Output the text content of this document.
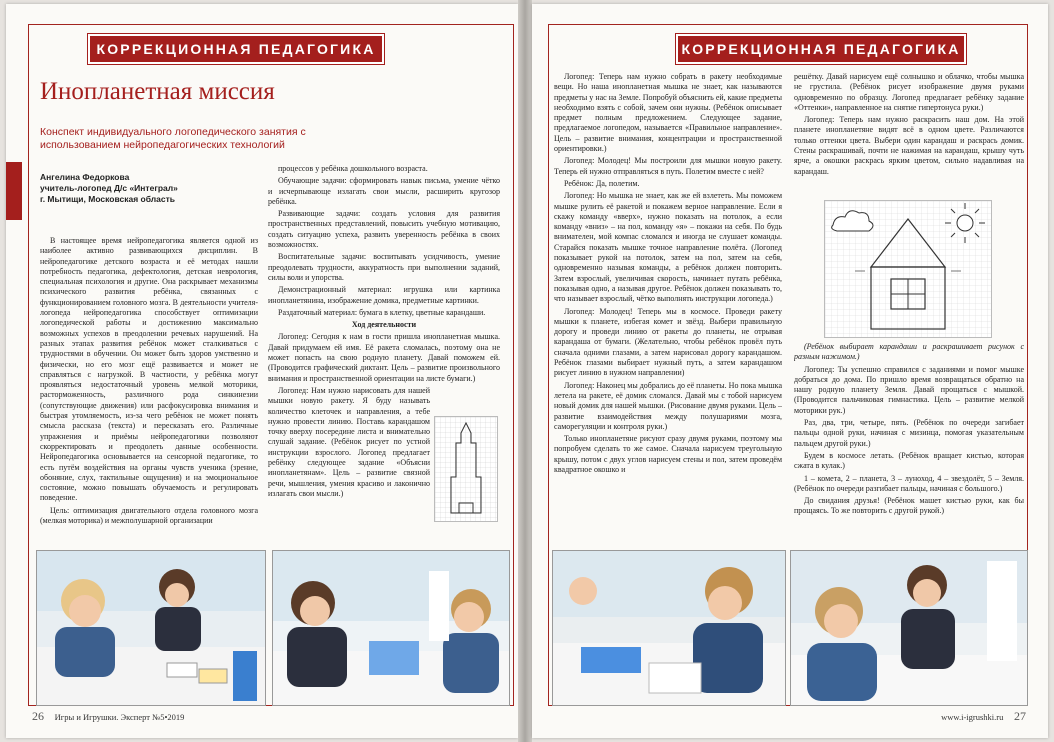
КОРРЕКЦИОННАЯ ПЕДАГОГИКА
Инопланетная миссия
Конспект индивидуального логопедического занятия с использованием нейропедагогических технологий
Ангелина Федоркова
учитель-логопед Д/с «Интеграл»
г. Мытищи, Московская область

В настоящее время нейропедагогика является одной из наиболее активно развивающихся дисциплин. В нейропедагогике детского возраста и её методах нашли потребность педагогика, дефектология, детская неврология, специальная психология и другие. Она раскрывает механизмы психического развития ребёнка, связанных с функционированием головного мозга. В деятельности учителя-логопеда нейропедагогика способствует оптимизации логопедической работы и достижению максимально возможных успехов в преодолении речевых нарушений. На разных этапах развития ребёнок может сталкиваться с трудностями в обучении. Он может быть здоров умственно и физически, но его мозг ещё развивается и может не справляться с нагрузкой. В частности, у ребёнка могут проявляться недостаточный уровень мелкой моторики, расторможенность, различного рода синкинезии (сопутствующие движения) или расфокусировка внимания и быстрая утомляемость, из-за чего ребёнок не может понять смысла рассказа (текста) и пересказать его. Различные упражнения и приёмы нейропедагогики позволяют скорректировать и преодолеть данные особенности. Нейропедагогика основывается на сенсорной педагогике, то есть путём воздействия на органы чувств ученика (зрение, обоняние, слух, тактильные ощущения) и на эмоциональное состояние, можно повышать обучаемость и регулировать поведение.

Цель: оптимизация двигательного отдела головного мозга (мелкая моторика) и межполушарной организации

процессов у ребёнка дошкольного возраста.

Обучающие задачи: сформировать навык письма, умение чётко и исчерпывающе излагать свои мысли, расширить кругозор ребёнка.

Развивающие задачи: создать условия для развития пространственных представлений, повысить учебную мотивацию, создать ситуацию успеха, развить уверенность ребёнка в своих возможностях.

Воспитательные задачи: воспитывать усидчивость, умение преодолевать трудности, аккуратность при выполнении заданий, силы воли и упорства.

Демонстрационный материал: игрушка или картинка инопланетянина, изображение домика, предметные картинки.

Раздаточный материал: бумага в клетку, цветные карандаши.

Ход деятельности

Логопед: Сегодня к нам в гости пришла инопланетная мышка. Давай придумаем ей имя. Её ракета сломалась, поэтому она не может попасть на свою родную планету. Давай поможем ей. (Проводится графический диктант. Цель – развитие произвольного внимания и пространственной ориентации на листе бумаги.)

Логопед: Нам нужно нарисовать для нашей мышки новую ракету. Я буду называть количество клеточек и направления, а тебе нужно провести линию. Поставь карандашом точку вверху посередине листа и внимательно слушай задание. (Ребёнок рисует по устной инструкции взрослого. Логопед предлагает ребёнку следующее задание «Объясни инопланетянам». Цель – развитие связной речи, мышления, умения красиво и лаконично излагать свои мысли.)

26 Игры и Игрушки. Эксперт №5•2019
КОРРЕКЦИОННАЯ ПЕДАГОГИКА

Логопед: Теперь нам нужно собрать в ракету необходимые вещи. Но наша инопланетная мышка не знает, как называются предметы у нас на Земле. Попробуй объяснить ей, какие предметы необходимо взять с собой, зачем они нужны. (Ребёнок описывает предмет полным предложением. Следующее задание, предлагаемое логопедом, называется «Правильное направление». Цель – развитие внимания, концентрации и пространственной ориентировки.)

Логопед: Молодец! Мы построили для мышки новую ракету. Теперь ей нужно отправляться в путь. Полетим вместе с ней?

Ребёнок: Да, полетим.

Логопед: Но мышка не знает, как же ей взлететь. Мы поможем мышке рулить её ракетой и покажем верное направление. Если я скажу команду «вверх», нужно показать на потолок, а если команду «вниз» – на пол, команду «я» – покажи на себя. По будь внимателен, мой компас сломался и иногда не слушает команды. Старайся показать мышке точное направление полёта. (Логопед показывает рукой на потолок, затем на пол, затем на себя, одновременно называя команды, а ребёнок должен повторить. Затем взрослый, увеличивая скорость, начинает путать ребёнка, показывая одно, а называя другое. Ребёнок должен показывать то, что называет взрослый, чётко выполнять инструкции логопеда.)

Логопед: Молодец! Теперь мы в космосе. Проведи ракету мышки к планете, избегая комет и звёзд. Выбери правильную дорогу и проведи линию от ракеты до планеты, не отрывая карандаша от бумаги. (Желательно, чтобы ребёнок провёл путь сначала одними глазами, а затем нарисовал дорогу карандашом. Ребёнок глазами выбирает нужный путь, а затем карандашом рисует линию в нужном направлении)

Логопед: Наконец мы добрались до её планеты. Но пока мышка летела на ракете, её домик сломался. Давай мы с тобой нарисуем новый домик для нашей мышки. (Рисование двумя руками. Цель – развитие взаимодействия между полушариями мозга, саморегуляции и контроля руки.)

Только инопланетяне рисуют сразу двумя руками, поэтому мы попробуем сделать то же самое. Сначала нарисуем треугольную крышу, потом с двух углов нарисуем стены и пол, затем проведём квадратное окошко и

решётку. Давай нарисуем ещё солнышко и облачко, чтобы мышка не грустила. (Ребёнок рисует изображение двумя руками одновременно по образцу. Логопед предлагает ребёнку задание «Оттенки», направленное на снятие гипертонуса руки.)

Логопед: Теперь нам нужно раскрасить наш дом. На этой планете инопланетяне видят всё в одном цвете. Различаются только оттенки цвета. Выбери один карандаш и раскрась домик. Стены раскрашивай, почти не нажимая на карандаш, крышу чуть ярче, а окошки раскрась ярким цветом, сильно надавливая на карандаш.

(Ребёнок выбирает карандаши и раскрашивает рисунок с разным нажимом.)

Логопед: Ты успешно справился с заданиями и помог мышке добраться до дома. По пришло время возвращаться обратно на нашу родную планету Земля. Давай прощаться с мышкой. (Проводится пальчиковая гимнастика. Цель – развитие мелкой моторики рук.)

Раз, два, три, четыре, пять. (Ребёнок по очереди загибает пальцы одной руки, начиная с мизинца, помогая указательным пальцем другой руки.)

Будем в космосе летать. (Ребёнок вращает кистью, которая сжата в кулак.)

1 – комета, 2 – планета, 3 – луноход, 4 – звездолёт, 5 – Земля. (Ребёнок по очереди разгибает пальцы, начиная с большого.)

До свидания друзья! (Ребёнок машет кистью руки, как бы прощаясь. То же повторить с другой рукой.)

www.i-igrushki.ru 27
